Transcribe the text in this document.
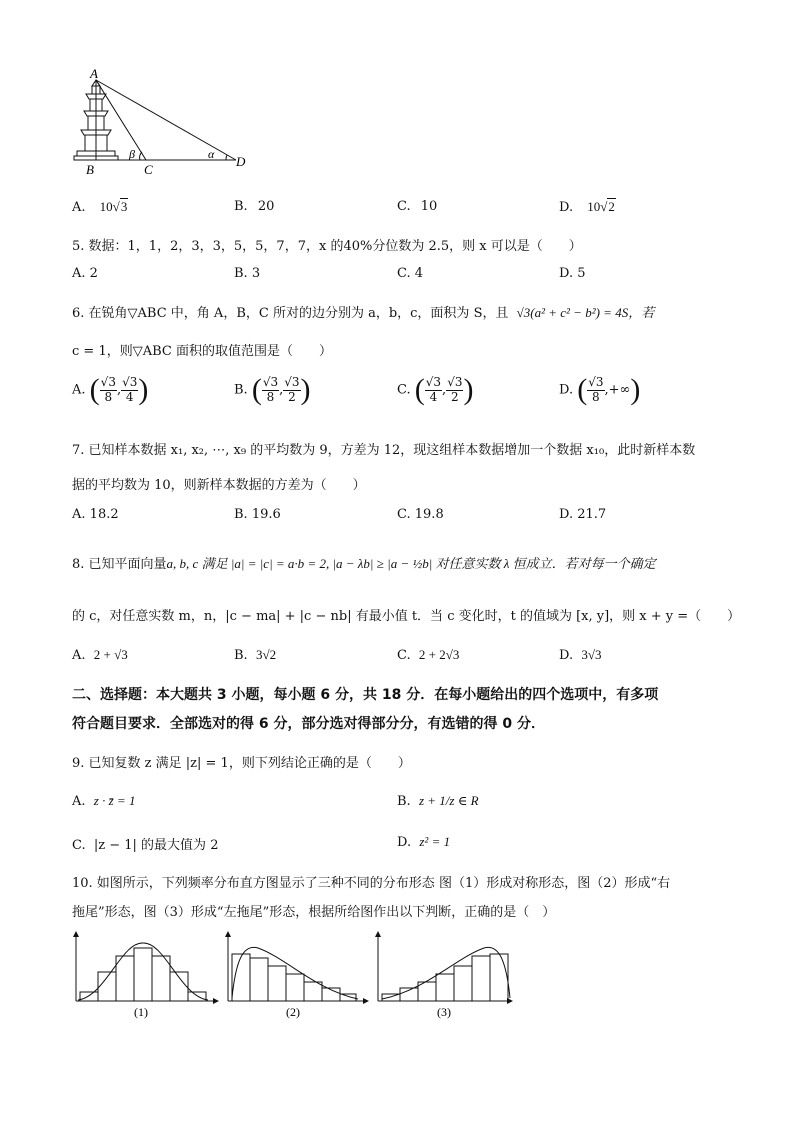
A
B	C
D
β	α
A. 10√3	B. 20	C. 10	D. 10√2
5. 数据：1，1，2，3，3，5，5，7，7，x 的40%分位数为 2.5，则 x 可以是（　　）
A. 2	B. 3	C. 4	D. 5
6. 在锐角▽ABC 中，角 A，B，C 所对的边分别为 a，b，c，面积为 S，且 √3(a² + c² − b²) = 4S，若
c = 1，则▽ABC 面积的取值范围是（　　）
A. ( $\frac{√3}{8}$ , $\frac{√3}{4}$ )	B. ( $\frac{√3}{8}$ , $\frac{√3}{2}$ )	C. ( $\frac{√3}{4}$ , $\frac{√3}{2}$ )	D. ( $\frac{√3}{8}$ ,+∞)
7. 已知样本数据 x₁, x₂, ⋯, x₉ 的平均数为 9，方差为 12，现这组样本数据增加一个数据 x₁₀，此时新样本数
据的平均数为 10，则新样本数据的方差为（　　）
A. 18.2	B. 19.6	C. 19.8	D. 21.7
8. 已知平面向量a, b, c 满足 |a| = |c| = a·b = 2, |a − λb| ≥ |a − ½b| 对任意实数 λ 恒成立．若对每一个确定
的 c，对任意实数 m，n，|c − ma| + |c − nb| 有最小值 t．当 c 变化时，t 的值域为 [x, y]，则 x + y =（　　）
A. 2 + √3	B. 3√2	C. 2 + 2√3	D. 3√3
二、选择题：本大题共 3 小题，每小题 6 分，共 18 分．在每小题给出的四个选项中，有多项
符合题目要求．全部选对的得 6 分，部分选对得部分分，有选错的得 0 分．
9. 已知复数 z 满足 |z| = 1，则下列结论正确的是（　　）
A. z · z̄ = 1	B. z + 1/z ∈ R
C. |z − 1| 的最大值为 2	D. z² = 1
10. 如图所示，下列频率分布直方图显示了三种不同的分布形态 图（1）形成对称形态，图（2）形成“右
拖尾”形态，图（3）形成“左拖尾”形态，根据所给图作出以下判断，正确的是（　）
(1)	(2)	(3)
